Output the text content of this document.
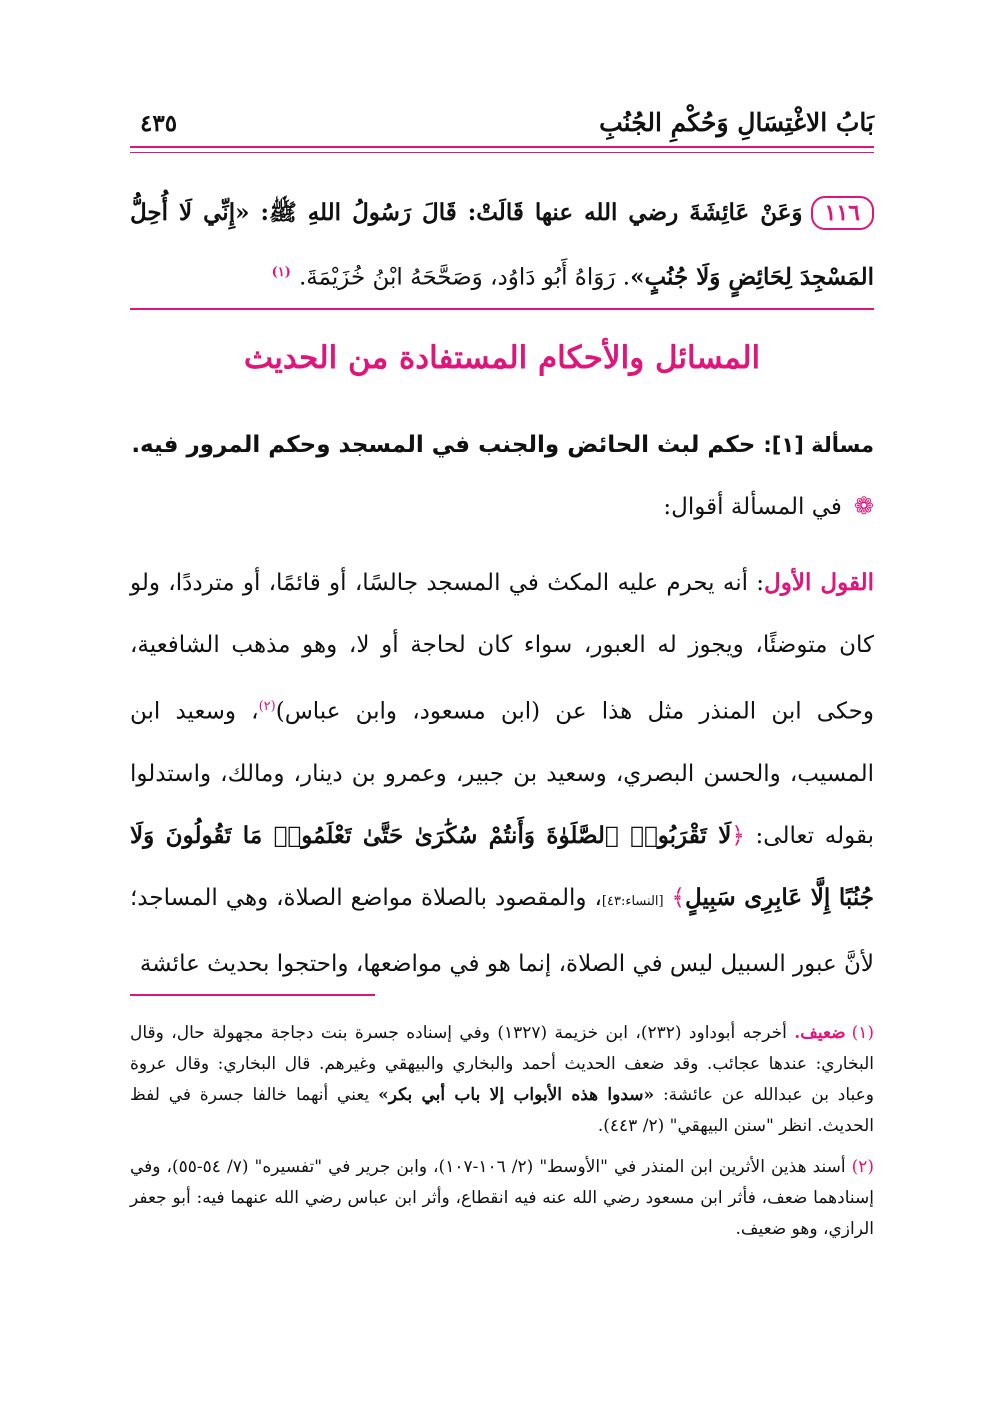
بَابُ الاغْتِسَالِ وَحُكْمِ الجُنُبِ
٤٣٥
١١٦وَعَنْ عَائِشَةَ رضي الله عنها قَالَتْ: قَالَ رَسُولُ اللهِ ﷺ: «إِنِّي لَا أُحِلُّ المَسْجِدَ لِحَائِضٍ وَلَا جُنُبٍ». رَوَاهُ أَبُو دَاوُد، وَصَحَّحَهُ ابْنُ خُزَيْمَةَ. $^{(١)}$
المسائل والأحكام المستفادة من الحديث
مسألة [١]: حكم لبث الحائض والجنب في المسجد وحكم المرور فيه.
❁في المسألة أقوال:
القول الأول: أنه يحرم عليه المكث في المسجد جالسًا، أو قائمًا، أو مترددًا، ولو كان متوضئًا، ويجوز له العبور، سواء كان لحاجة أو لا، وهو مذهب الشافعية، وحكى ابن المنذر مثل هذا عن (ابن مسعود، وابن عباس)$^{(٢)}$، وسعيد ابن المسيب، والحسن البصري، وسعيد بن جبير، وعمرو بن دينار، ومالك، واستدلوا بقوله تعالى: ﴿لَا تَقْرَبُوا۟ ٱلصَّلَوٰةَ وَأَنتُمْ سُكَٰرَىٰ حَتَّىٰ تَعْلَمُوا۟ مَا تَقُولُونَ وَلَا جُنُبًا إِلَّا عَابِرِى سَبِيلٍ﴾ [النساء:٤٣]، والمقصود بالصلاة مواضع الصلاة، وهي المساجد؛ لأنَّ عبور السبيل ليس في الصلاة، إنما هو في مواضعها، واحتجوا بحديث عائشة
(١)ضعيف. أخرجه أبوداود (٢٣٢)، ابن خزيمة (١٣٢٧) وفي إسناده جسرة بنت دجاجة مجهولة حال، وقال البخاري: عندها عجائب. وقد ضعف الحديث أحمد والبخاري والبيهقي وغيرهم. قال البخاري: وقال عروة وعباد بن عبدالله عن عائشة: «سدوا هذه الأبواب إلا باب أبي بكر» يعني أنهما خالفا جسرة في لفظ الحديث. انظر "سنن البيهقي" (٢/ ٤٤٣).
(٢)أسند هذين الأثرين ابن المنذر في "الأوسط" (٢/ ١٠٦-١٠٧)، وابن جرير في "تفسيره" (٧/ ٥٤-٥٥)، وفي إسنادهما ضعف، فأثر ابن مسعود رضي الله عنه فيه انقطاع، وأثر ابن عباس رضي الله عنهما فيه: أبو جعفر الرازي، وهو ضعيف.
